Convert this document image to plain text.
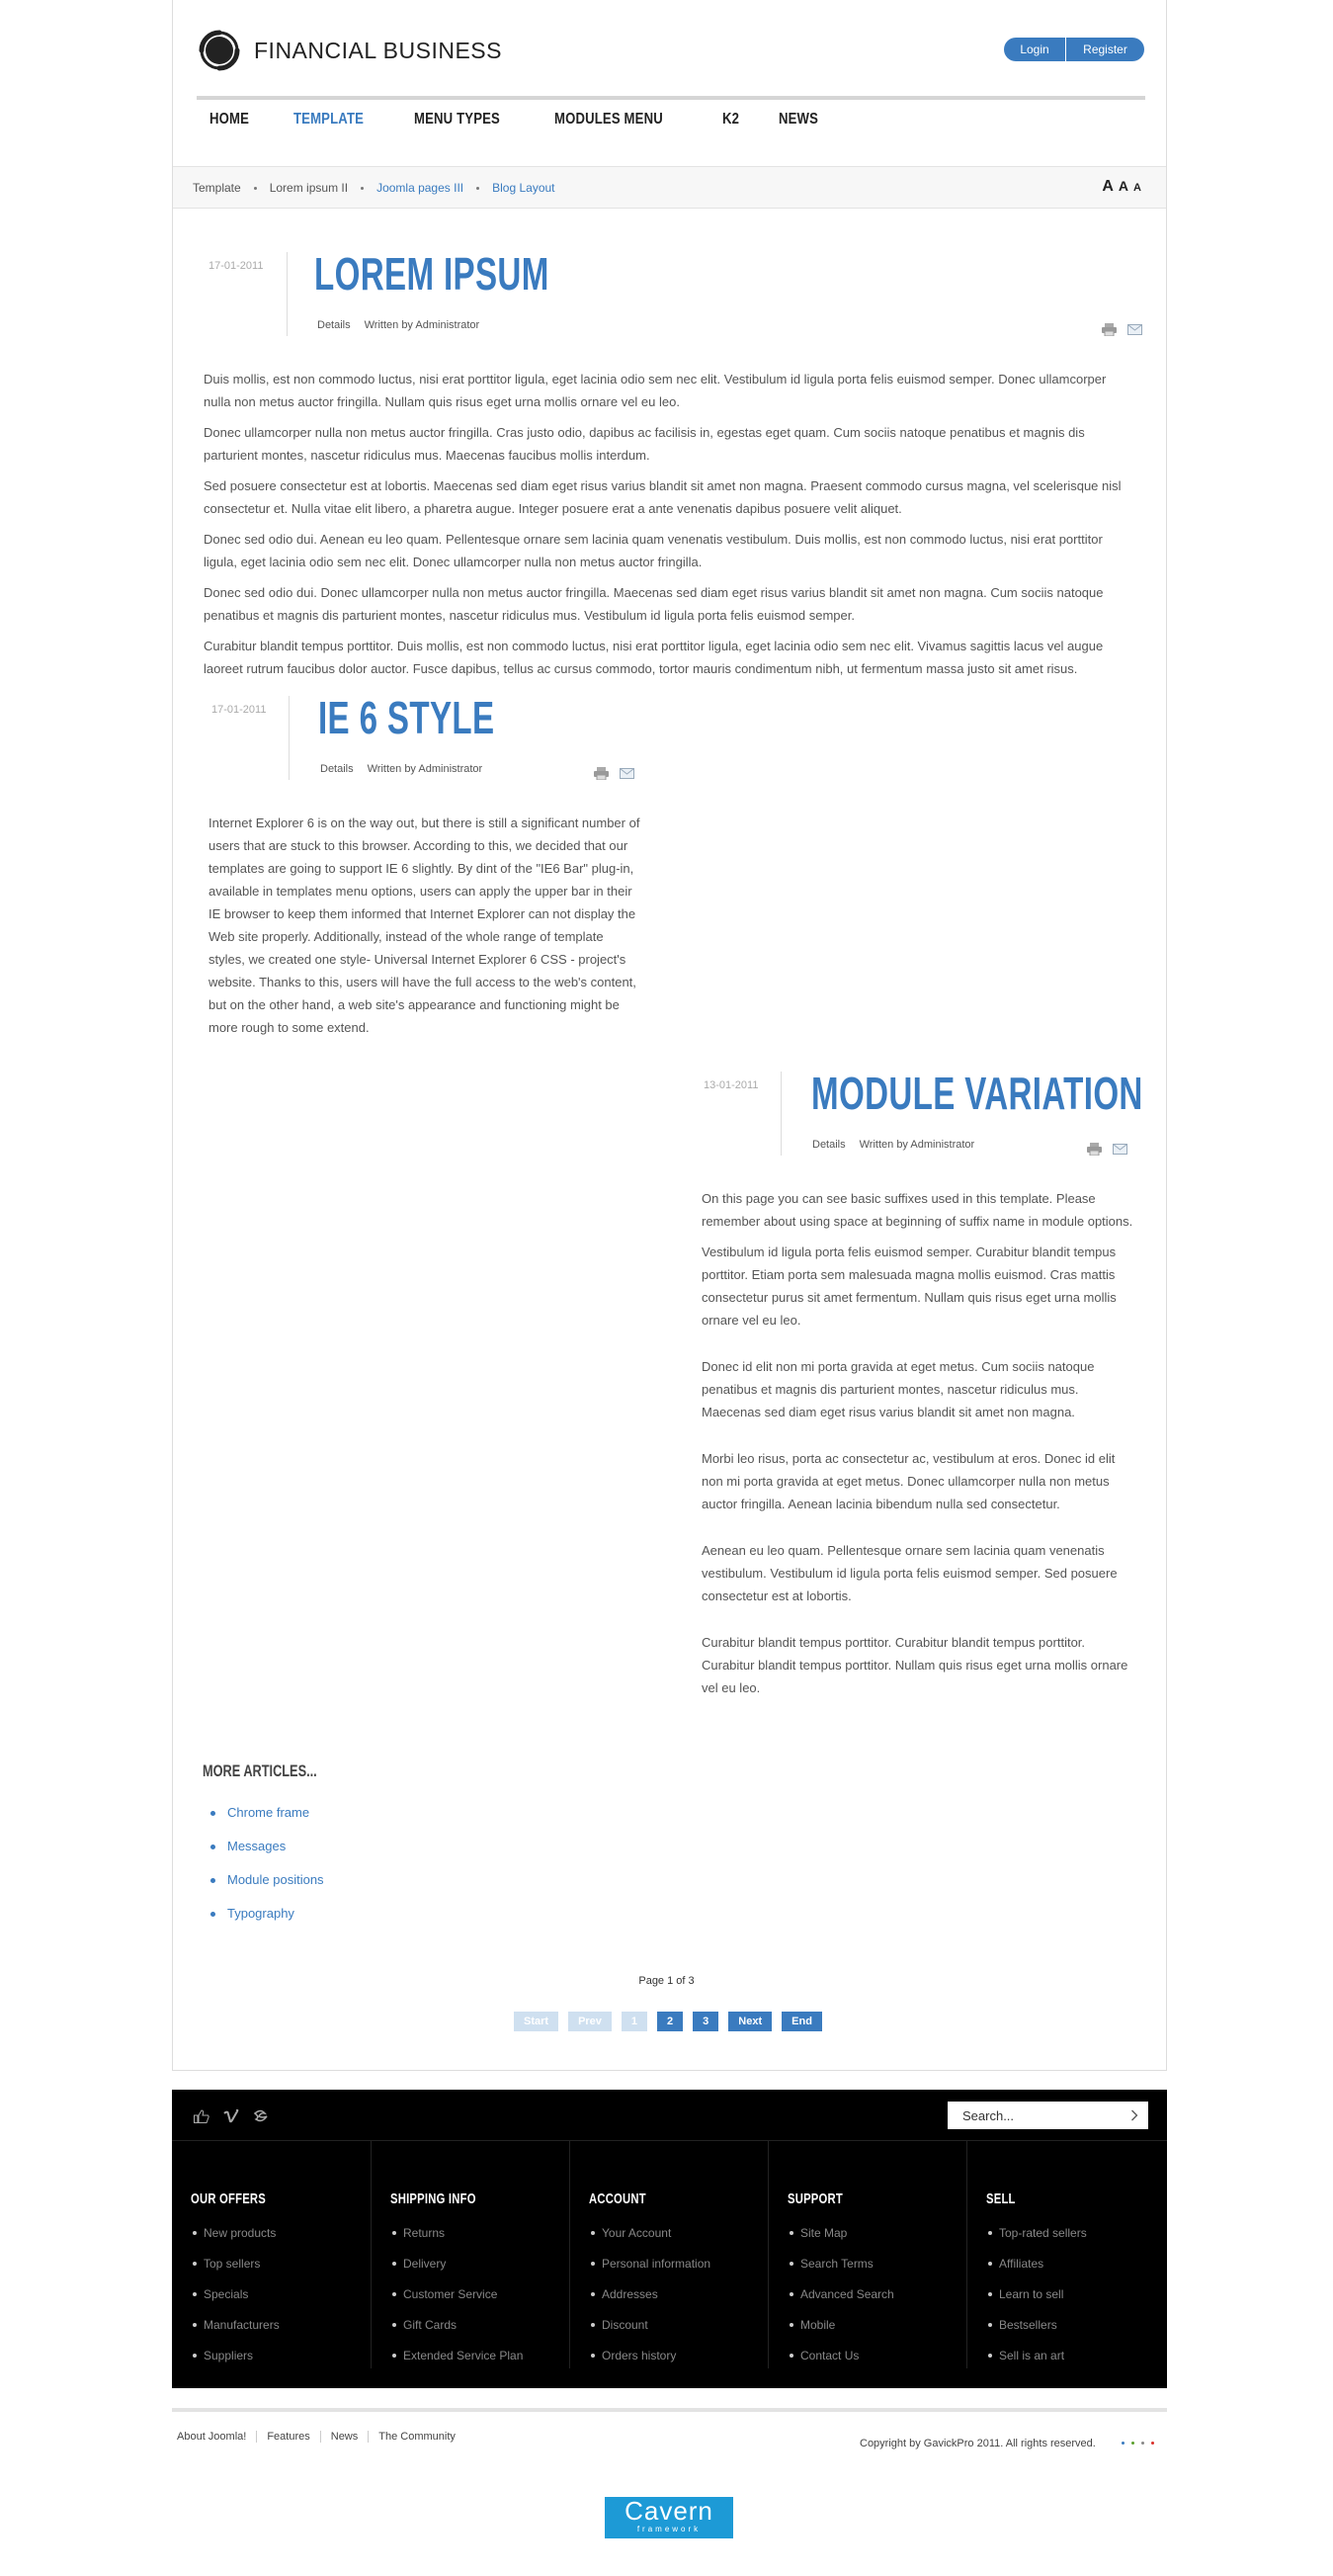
FINANCIAL BUSINESS	Login	Register
HOME	TEMPLATE	MENU TYPES	MODULES MENU	K2 NEWS
Template Lorem ipsum II Joomla pages III Blog Layout	A A A
17-01-2011 LOREM IPSUM
Details Written by Administrator

Duis mollis, est non commodo luctus, nisi erat porttitor ligula, eget lacinia odio sem nec elit. Vestibulum id ligula porta felis euismod semper. Donec ullamcorper nulla non metus auctor fringilla. Nullam quis risus eget urna mollis ornare vel eu leo.

Donec ullamcorper nulla non metus auctor fringilla. Cras justo odio, dapibus ac facilisis in, egestas eget quam. Cum sociis natoque penatibus et magnis dis parturient montes, nascetur ridiculus mus. Maecenas faucibus mollis interdum.

Sed posuere consectetur est at lobortis. Maecenas sed diam eget risus varius blandit sit amet non magna. Praesent commodo cursus magna, vel scelerisque nisl consectetur et. Nulla vitae elit libero, a pharetra augue. Integer posuere erat a ante venenatis dapibus posuere velit aliquet.

Donec sed odio dui. Aenean eu leo quam. Pellentesque ornare sem lacinia quam venenatis vestibulum. Duis mollis, est non commodo luctus, nisi erat porttitor ligula, eget lacinia odio sem nec elit. Donec ullamcorper nulla non metus auctor fringilla.

Donec sed odio dui. Donec ullamcorper nulla non metus auctor fringilla. Maecenas sed diam eget risus varius blandit sit amet non magna. Cum sociis natoque penatibus et magnis dis parturient montes, nascetur ridiculus mus. Vestibulum id ligula porta felis euismod semper.

Curabitur blandit tempus porttitor. Duis mollis, est non commodo luctus, nisi erat porttitor ligula, eget lacinia odio sem nec elit. Vivamus sagittis lacus vel augue laoreet rutrum faucibus dolor auctor. Fusce dapibus, tellus ac cursus commodo, tortor mauris condimentum nibh, ut fermentum massa justo sit amet risus.

17-01-2011 IE 6 STYLE
Details Written by Administrator

Internet Explorer 6 is on the way out, but there is still a significant number of users that are stuck to this browser. According to this, we decided that our templates are going to support IE 6 slightly. By dint of the "IE6 Bar" plug-in, available in templates menu options, users can apply the upper bar in their IE browser to keep them informed that Internet Explorer can not display the Web site properly. Additionally, instead of the whole range of template styles, we created one style- Universal Internet Explorer 6 CSS - project's website. Thanks to this, users will have the full access to the web's content, but on the other hand, a web site's appearance and functioning might be more rough to some extend.

13-01-2011 MODULE VARIATION
Details Written by Administrator

On this page you can see basic suffixes used in this template. Please remember about using space at beginning of suffix name in module options.

Vestibulum id ligula porta felis euismod semper. Curabitur blandit tempus porttitor. Etiam porta sem malesuada magna mollis euismod. Cras mattis consectetur purus sit amet fermentum. Nullam quis risus eget urna mollis ornare vel eu leo.

Donec id elit non mi porta gravida at eget metus. Cum sociis natoque penatibus et magnis dis parturient montes, nascetur ridiculus mus. Maecenas sed diam eget risus varius blandit sit amet non magna.

Morbi leo risus, porta ac consectetur ac, vestibulum at eros. Donec id elit non mi porta gravida at eget metus. Donec ullamcorper nulla non metus auctor fringilla. Aenean lacinia bibendum nulla sed consectetur.

Aenean eu leo quam. Pellentesque ornare sem lacinia quam venenatis vestibulum. Vestibulum id ligula porta felis euismod semper. Sed posuere consectetur est at lobortis.

Curabitur blandit tempus porttitor. Curabitur blandit tempus porttitor. Curabitur blandit tempus porttitor. Nullam quis risus eget urna mollis ornare vel eu leo.

MORE ARTICLES...
Chrome frame
Messages
Module positions
Typography
Page 1 of 3
Start	Prev	1	2	3	Next	End
Search...
OUR OFFERS
New products
Top sellers
Specials
Manufacturers
Suppliers
SHIPPING INFO
Returns
Delivery
Customer Service
Gift Cards
Extended Service Plan
ACCOUNT
Your Account
Personal information
Addresses
Discount
Orders history
SUPPORT
Site Map
Search Terms
Advanced Search
Mobile
Contact Us
SELL
Top-rated sellers
Affiliates
Learn to sell
Bestsellers
Sell is an art
About Joomla! Features News The Community
Copyright by GavickPro 2011. All rights reserved.
Cavern
framework
